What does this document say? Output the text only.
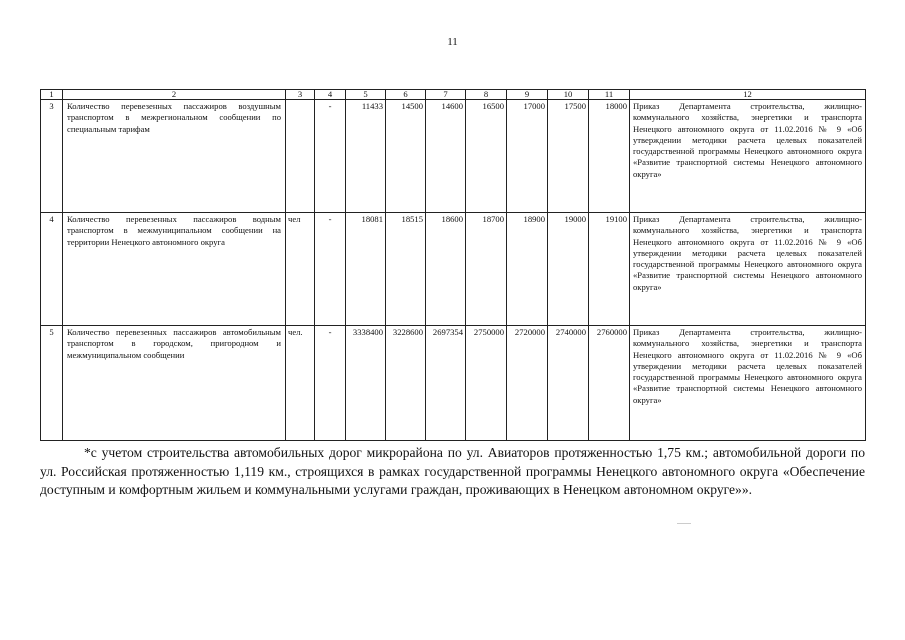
11
1	2	3	4	5	6	7	8	9	10	11	12
3	Количество перевезенных пассажиров воздушным транспортом в межрегиональном сообщении по специальным тарифам		-	11433	14500	14600	16500	17000	17500	18000	Приказ Департамента строительства, жилищно-коммунального хозяйства, энергетики и транспорта Ненецкого автономного округа от 11.02.2016 № 9 «Об утверждении методики расчета целевых показателей государственной программы Ненецкого автономного округа «Развитие транспортной системы Ненецкого автономного округа»
4	Количество перевезенных пассажиров водным транспортом в межмуниципальном сообщении на территории Ненецкого автономного округа	чел	-	18081	18515	18600	18700	18900	19000	19100	Приказ Департамента строительства, жилищно-коммунального хозяйства, энергетики и транспорта Ненецкого автономного округа от 11.02.2016 № 9 «Об утверждении методики расчета целевых показателей государственной программы Ненецкого автономного округа «Развитие транспортной системы Ненецкого автономного округа»
5	Количество перевезенных пассажиров автомобильным транспортом в городском, пригородном и межмуниципальном сообщении	чел.	-	3338400	3228600	2697354	2750000	2720000	2740000	2760000	Приказ Департамента строительства, жилищно-коммунального хозяйства, энергетики и транспорта Ненецкого автономного округа от 11.02.2016 № 9 «Об утверждении методики расчета целевых показателей государственной программы Ненецкого автономного округа «Развитие транспортной системы Ненецкого автономного округа»

*с учетом строительства автомобильных дорог микрорайона по ул. Авиаторов протяженностью 1,75 км.; автомобильной дороги по ул. Российская протяженностью 1,119 км., строящихся в рамках государственной программы Ненецкого автономного округа «Обеспечение доступным и комфортным жильем и коммунальными услугами граждан, проживающих в Ненецком автономном округе»».
